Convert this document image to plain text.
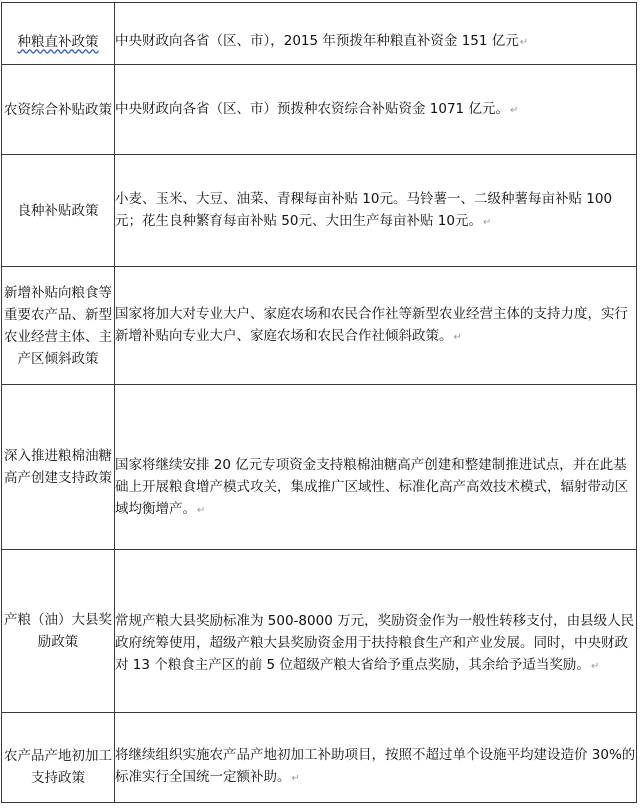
种粮直补政策	中央财政向各省（区、市），2015 年预拨年种粮直补资金 151 亿元↵

农资综合补贴政策	中央财政向各省（区、市）预拨种农资综合补贴资金 1071 亿元。↵

良种补贴政策	小麦、玉米、大豆、油菜、青稞每亩补贴 10元。马铃薯一、二级种薯每亩补贴 100元；花生良种繁育每亩补贴 50元、大田生产每亩补贴 10元。↵

新增补贴向粮食等重要农产品、新型农业经营主体、主产区倾斜政策	国家将加大对专业大户、家庭农场和农民合作社等新型农业经营主体的支持力度，实行新增补贴向专业大户、家庭农场和农民合作社倾斜政策。↵

深入推进粮棉油糖高产创建支持政策	国家将继续安排 20 亿元专项资金支持粮棉油糖高产创建和整建制推进试点，并在此基础上开展粮食增产模式攻关，集成推广区域性、标准化高产高效技术模式，辐射带动区域均衡增产。↵

产粮（油）大县奖励政策	常规产粮大县奖励标准为 500-8000 万元，奖励资金作为一般性转移支付，由县级人民政府统筹使用，超级产粮大县奖励资金用于扶持粮食生产和产业发展。同时，中央财政对 13 个粮食主产区的前 5 位超级产粮大省给予重点奖励，其余给予适当奖励。↵

农产品产地初加工支持政策	将继续组织实施农产品产地初加工补助项目，按照不超过单个设施平均建设造价 30%的标准实行全国统一定额补助。↵
